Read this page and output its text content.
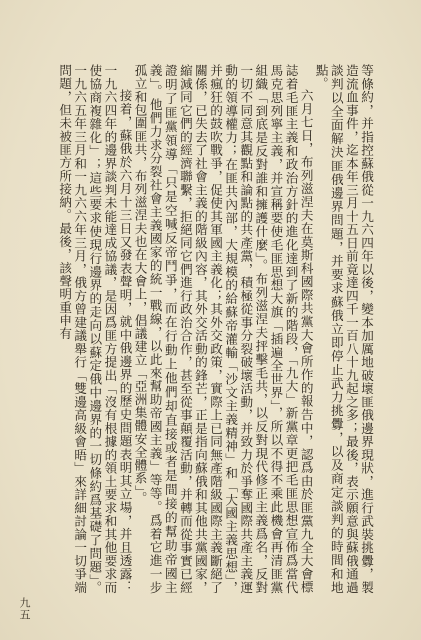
等條約，并指控蘇俄從一九六四年以後，變本加厲地破壞匪俄邊界現狀，進行武裝挑釁，製造流血事件，迄本年三月十五日前竟達四千一百八十九起之多；最後，表示願意與蘇俄通過談判以全面解決匪俄邊界問題，并要求蘇俄立即停止武力挑釁，以及商定談判的時間和地點。

六月七日，布列滋涅夫在莫斯科國際共黨大會所作的報告中，認爲由於匪黨九全大會標誌着毛匪主義和政治方針的進化達到了新的階段，「九大」新黨章更把毛匪思想宣佈爲當代馬克思列寧主義，并宣稱要使毛匪思想大旗「插遍全世界」，所以不得不乘此機會再清匪黨組織「到底是反對誰和擁護什麼」。布列滋涅夫抨擊毛共，以反對現代修正主義爲名，反對一切不同意其觀點和論點的共產黨，積極從事分裂破壞活動，并致力於爭奪國際共產主義運動的領導權力；在匪共內部，大規模的給蘇帝灌輸「沙文主義精神」和「大國主義思想」，并瘋狂的鼓吹戰爭，促使其軍國主義化；其外交政策，實際上已同無產階級國際主義斷絕了關係，已失去了社會主義的階級內容，其外交活動的鋒芒，正是指向蘇俄和其他共黨國家，縮減同它們的經濟聯繫，拒絕同它們進行政治合作，甚至從事顛覆活動，并轉而從事實已經證明了匪黨領導「只是空喊反帝鬥爭，而在行動上他們却直接或者是間接的幫助帝國主義」。他們力求分裂社會主義國家的統一戰線，以此來幫助帝國主義」等等。爲着它進一步孤立和包圍匪共，布列滋涅夫也在大會上，倡議建立「亞洲集體安全體系」。

接着，蘇俄於六月十三日又發表聲明，就中俄邊界的歷史問題表明其立場，并且透露：一九六四年的邊界談判未能達成協議，是因爲匪方提出「沒有根據的領土要求和其他要求而使協商複雜化」；這些要求使現行邊界的走向以蘇定俄中邊界的一切條約爲基礎了問題」。一九六五年三月和一九六六年三月，俄方曾建議舉行「雙邊高級會晤」來詳細討論一切爭端問題，但未被匪方所接納。最後，該聲明重申有

九五
